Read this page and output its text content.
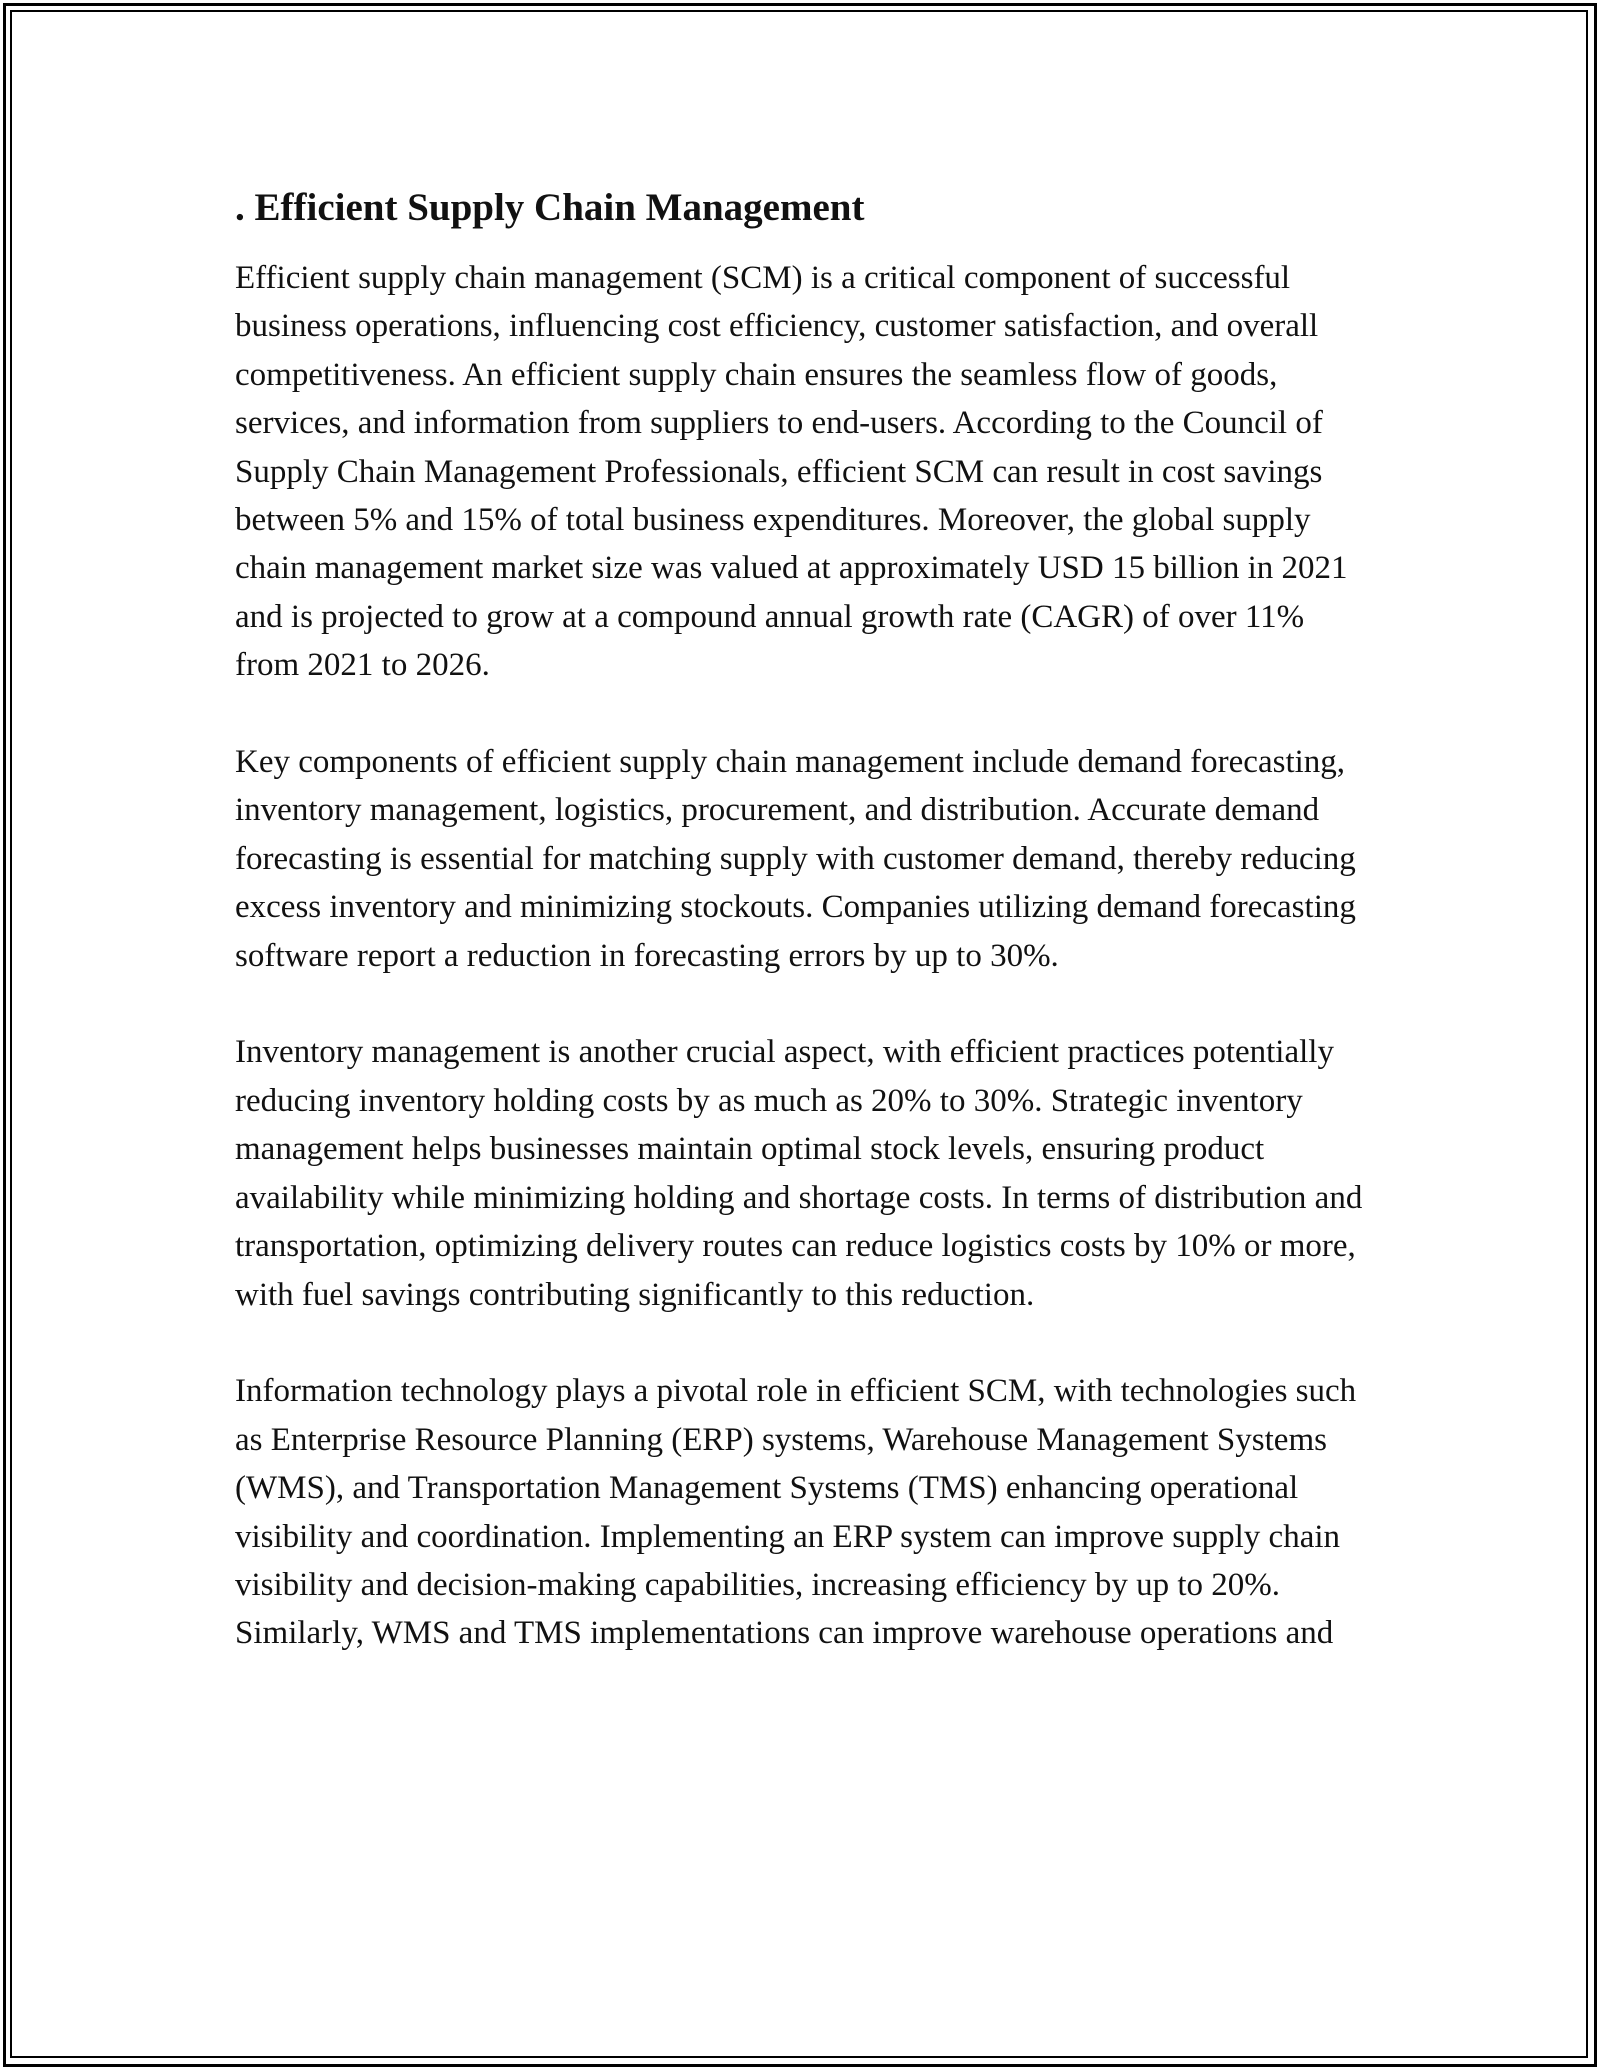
. Efficient Supply Chain Management

Efficient supply chain management (SCM) is a critical component of successful business operations, influencing cost efficiency, customer satisfaction, and overall competitiveness. An efficient supply chain ensures the seamless flow of goods, services, and information from suppliers to end-users. According to the Council of Supply Chain Management Professionals, efficient SCM can result in cost savings between 5% and 15% of total business expenditures. Moreover, the global supply chain management market size was valued at approximately USD 15 billion in 2021 and is projected to grow at a compound annual growth rate (CAGR) of over 11% from 2021 to 2026.

Key components of efficient supply chain management include demand forecasting, inventory management, logistics, procurement, and distribution. Accurate demand forecasting is essential for matching supply with customer demand, thereby reducing excess inventory and minimizing stockouts. Companies utilizing demand forecasting software report a reduction in forecasting errors by up to 30%.

Inventory management is another crucial aspect, with efficient practices potentially reducing inventory holding costs by as much as 20% to 30%. Strategic inventory management helps businesses maintain optimal stock levels, ensuring product availability while minimizing holding and shortage costs. In terms of distribution and transportation, optimizing delivery routes can reduce logistics costs by 10% or more, with fuel savings contributing significantly to this reduction.

Information technology plays a pivotal role in efficient SCM, with technologies such as Enterprise Resource Planning (ERP) systems, Warehouse Management Systems (WMS), and Transportation Management Systems (TMS) enhancing operational visibility and coordination. Implementing an ERP system can improve supply chain visibility and decision-making capabilities, increasing efficiency by up to 20%. Similarly, WMS and TMS implementations can improve warehouse operations and
